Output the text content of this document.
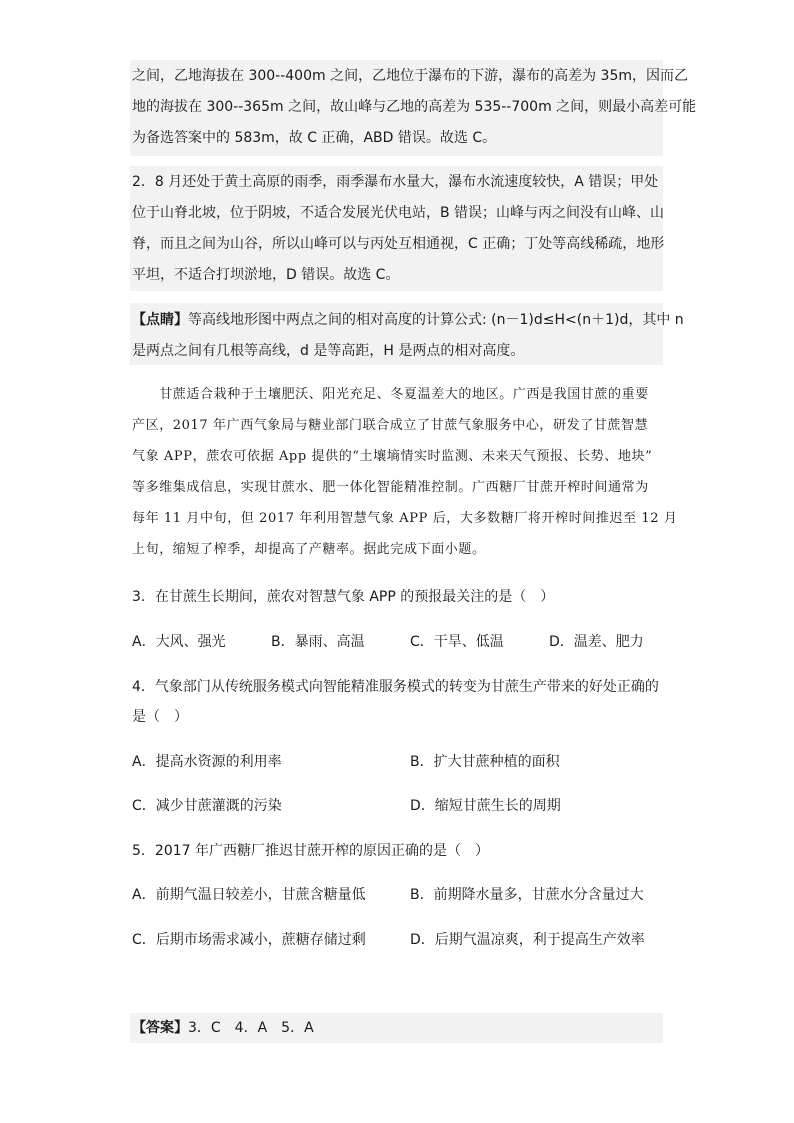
之间，乙地海拔在 300--400m 之间，乙地位于瀑布的下游，瀑布的高差为 35m，因而乙
地的海拔在 300--365m 之间，故山峰与乙地的高差为 535--700m 之间，则最小高差可能
为备选答案中的 583m，故 C 正确，ABD 错误。故选 C。
2．8 月还处于黄土高原的雨季，雨季瀑布水量大，瀑布水流速度较快，A 错误；甲处
位于山脊北坡，位于阴坡，不适合发展光伏电站，B 错误；山峰与丙之间没有山峰、山
脊，而且之间为山谷，所以山峰可以与丙处互相通视，C 正确；丁处等高线稀疏，地形
平坦，不适合打坝淤地，D 错误。故选 C。
【点睛】等高线地形图中两点之间的相对高度的计算公式: (n－1)d≤H<(n＋1)d，其中 n
是两点之间有几根等高线，d 是等高距，H 是两点的相对高度。
　　甘蔗适合栽种于土壤肥沃、阳光充足、冬夏温差大的地区。广西是我国甘蔗的重要
产区，2017 年广西气象局与糖业部门联合成立了甘蔗气象服务中心，研发了甘蔗智慧
气象 APP，蔗农可依据 App 提供的“土壤墒情实时监测、未来天气预报、长势、地块”
等多维集成信息，实现甘蔗水、肥一体化智能精准控制。广西糖厂甘蔗开榨时间通常为
每年 11 月中旬，但 2017 年利用智慧气象 APP 后，大多数糖厂将开榨时间推迟至 12 月
上旬，缩短了榨季，却提高了产糖率。据此完成下面小题。
3．在甘蔗生长期间，蔗农对智慧气象 APP 的预报最关注的是（　）
A．大风、强光	B．暴雨、高温	C．干旱、低温	D．温差、肥力
4．气象部门从传统服务模式向智能精准服务模式的转变为甘蔗生产带来的好处正确的
是（　）
A．提高水资源的利用率	B．扩大甘蔗种植的面积
C．减少甘蔗灌溉的污染	D．缩短甘蔗生长的周期
5．2017 年广西糖厂推迟甘蔗开榨的原因正确的是（　）
A．前期气温日较差小，甘蔗含糖量低	B．前期降水量多，甘蔗水分含量过大
C．后期市场需求减小，蔗糖存储过剩	D．后期气温凉爽，利于提高生产效率
【答案】3．C　4．A　5．A
